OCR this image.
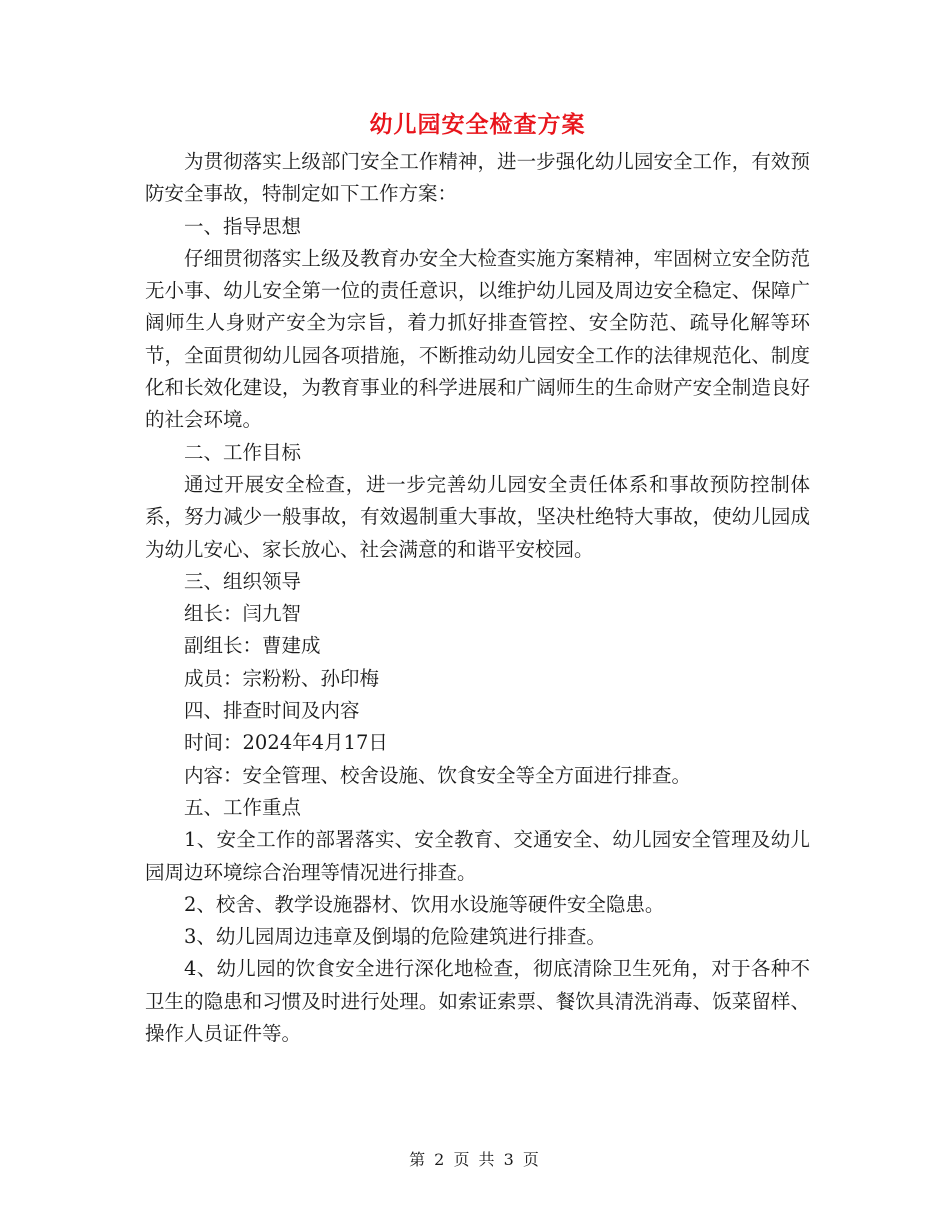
幼儿园安全检查方案

为贯彻落实上级部门安全工作精神，进一步强化幼儿园安全工作，有效预防安全事故，特制定如下工作方案：

一、指导思想

仔细贯彻落实上级及教育办安全大检查实施方案精神，牢固树立安全防范无小事、幼儿安全第一位的责任意识，以维护幼儿园及周边安全稳定、保障广阔师生人身财产安全为宗旨，着力抓好排查管控、安全防范、疏导化解等环节，全面贯彻幼儿园各项措施，不断推动幼儿园安全工作的法律规范化、制度化和长效化建设，为教育事业的科学进展和广阔师生的生命财产安全制造良好的社会环境。

二、工作目标

通过开展安全检查，进一步完善幼儿园安全责任体系和事故预防控制体系，努力减少一般事故，有效遏制重大事故，坚决杜绝特大事故，使幼儿园成为幼儿安心、家长放心、社会满意的和谐平安校园。

三、组织领导

组长：闫九智

副组长：曹建成

成员：宗粉粉、孙印梅

四、排查时间及内容

时间：2024年4月17日

内容：安全管理、校舍设施、饮食安全等全方面进行排查。

五、工作重点

1、安全工作的部署落实、安全教育、交通安全、幼儿园安全管理及幼儿园周边环境综合治理等情况进行排查。

2、校舍、教学设施器材、饮用水设施等硬件安全隐患。

3、幼儿园周边违章及倒塌的危险建筑进行排查。

4、幼儿园的饮食安全进行深化地检查，彻底清除卫生死角，对于各种不卫生的隐患和习惯及时进行处理。如索证索票、餐饮具清洗消毒、饭菜留样、操作人员证件等。

第 2 页 共 3 页
